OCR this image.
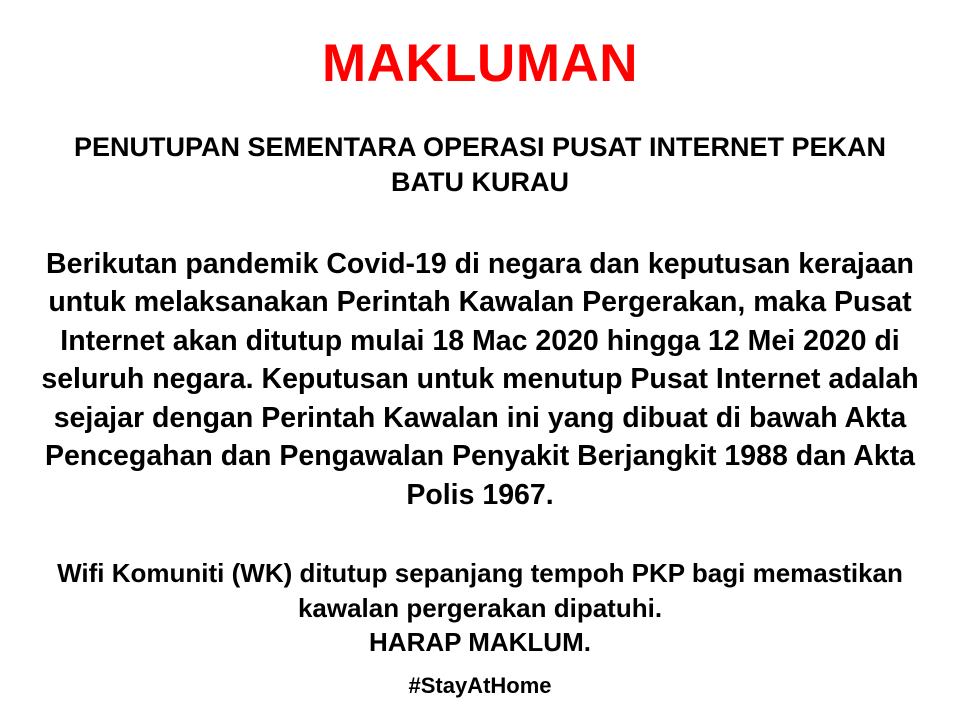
MAKLUMAN

PENUTUPAN SEMENTARA OPERASI PUSAT INTERNET PEKAN BATU KURAU

Berikutan pandemik Covid-19 di negara dan keputusan kerajaan untuk melaksanakan Perintah Kawalan Pergerakan, maka Pusat Internet akan ditutup mulai 18 Mac 2020 hingga 12 Mei 2020 di seluruh negara. Keputusan untuk menutup Pusat Internet adalah sejajar dengan Perintah Kawalan ini yang dibuat di bawah Akta Pencegahan dan Pengawalan Penyakit Berjangkit 1988 dan Akta Polis 1967.

Wifi Komuniti (WK) ditutup sepanjang tempoh PKP bagi memastikan kawalan pergerakan dipatuhi.

HARAP MAKLUM.

#StayAtHome
